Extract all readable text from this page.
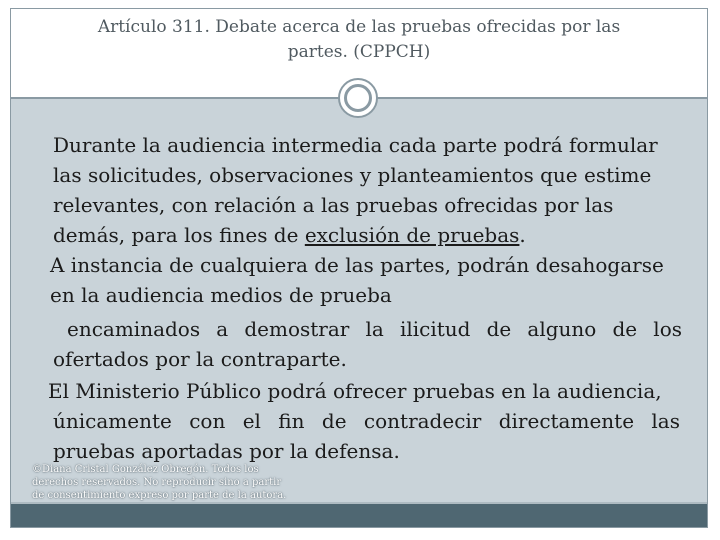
Artículo 311. Debate acerca de las pruebas ofrecidas por las
partes. (CPPCH)
Durante la audiencia intermedia cada parte podrá formular
las solicitudes, observaciones y planteamientos que estime
relevantes, con relación a las pruebas ofrecidas por las
demás, para los fines de exclusión de pruebas.
A instancia de cualquiera de las partes, podrán desahogarse
en la audiencia medios de prueba
encaminados a demostrar la ilicitud de alguno de los
ofertados por la contraparte.
El Ministerio Público podrá ofrecer pruebas en la audiencia,
únicamente con el fin de contradecir directamente las
pruebas aportadas por la defensa.
©Diana Cristal González Obregón. Todos los
derechos reservados. No reproducir sino a partir
de consentimiento expreso por parte de la autora.
